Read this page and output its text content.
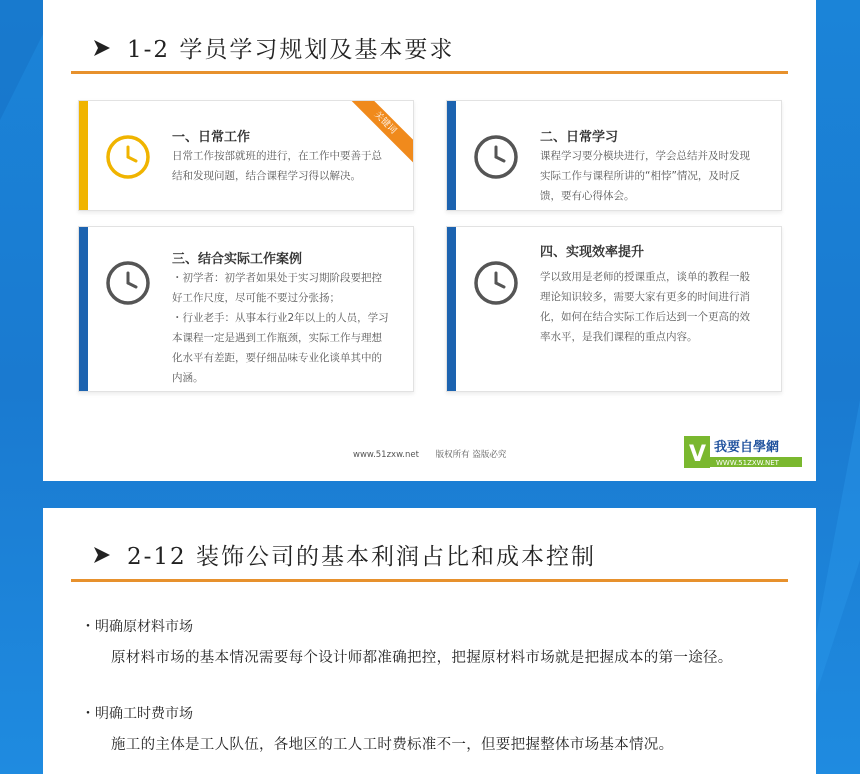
1-2 学员学习规划及基本要求
一、日常工作
日常工作按部就班的进行，在工作中要善于总结和发现问题，结合课程学习得以解决。
关键词
二、日常学习
课程学习要分模块进行，学会总结并及时发现实际工作与课程所讲的“相悖”情况，及时反馈，要有心得体会。
三、结合实际工作案例
・初学者：初学者如果处于实习期阶段要把控好工作尺度，尽可能不要过分张扬；
・行业老手：从事本行业2年以上的人员，学习本课程一定是遇到工作瓶颈，实际工作与理想化水平有差距，要仔细品味专业化谈单其中的内涵。
四、实现效率提升
学以致用是老师的授课重点，谈单的教程一般理论知识较多，需要大家有更多的时间进行消化，如何在结合实际工作后达到一个更高的效率水平，是我们课程的重点内容。
www.51zxw.net 版权所有 盗版必究	V 我要自學網
WWW.51ZXW.NET
2-12 装饰公司的基本利润占比和成本控制
・明确原材料市场
原材料市场的基本情况需要每个设计师都准确把控，把握原材料市场就是把握成本的第一途径。
・明确工时费市场
施工的主体是工人队伍，各地区的工人工时费标准不一，但要把握整体市场基本情况。
